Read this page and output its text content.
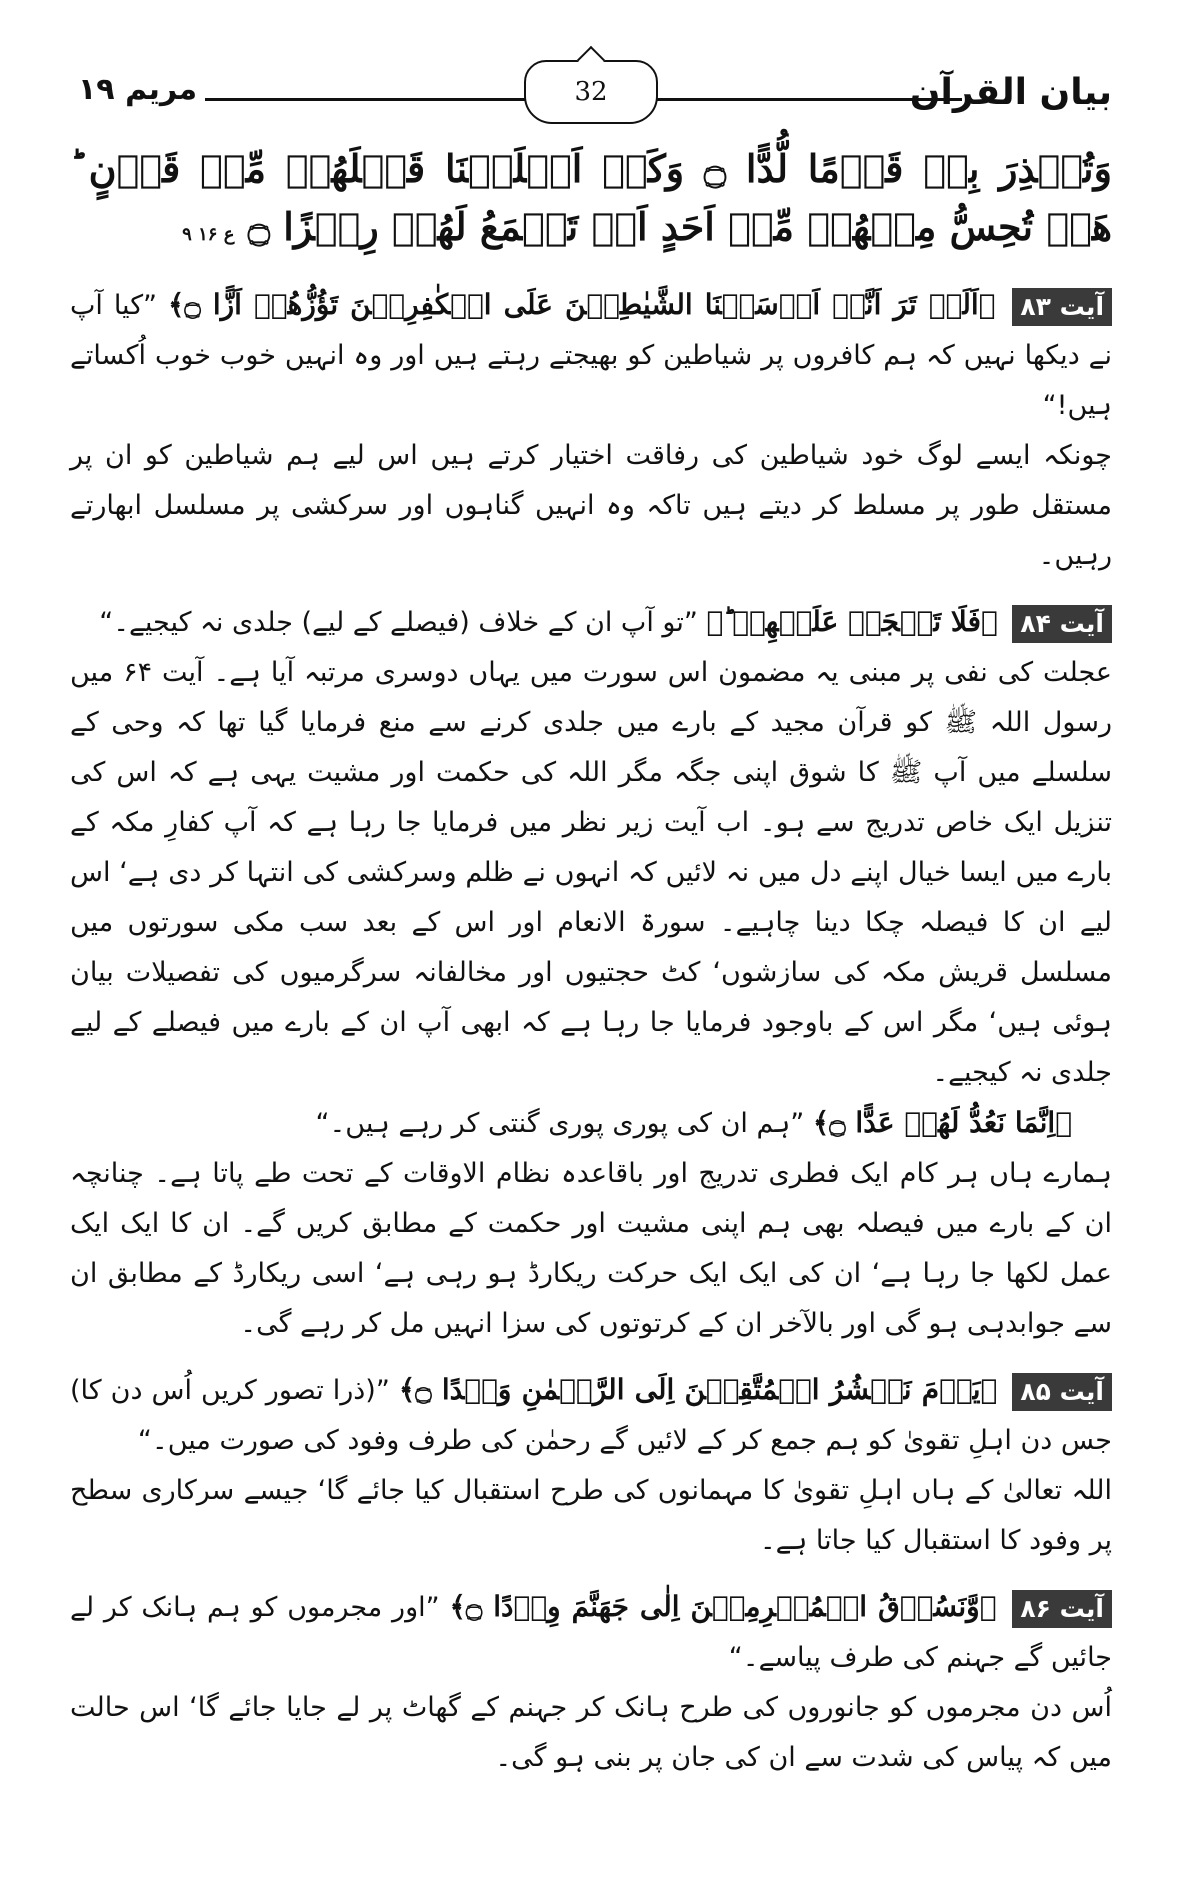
بیان القرآن
مریم ۱۹	32

وَتُنۡذِرَ بِهٖ قَوۡمًا لُّدًّا ۝ وَكَمۡ اَهۡلَكۡنَا قَبۡلَهُمۡ مِّنۡ قَرۡنٍ ؕ هَلۡ تُحِسُّ مِنۡهُمۡ مِّنۡ اَحَدٍ اَوۡ تَسۡمَعُ لَهُمۡ رِكۡزًا ۝ ع ۱۶ ۹

آیت ۸۳ ﴿اَلَمۡ تَرَ اَنَّاۤ اَرۡسَلۡنَا الشَّيٰطِيۡنَ عَلَى الۡكٰفِرِيۡنَ تَؤُزُّهُمۡ اَزًّا ۝﴾ ”کیا آپ نے دیکھا نہیں کہ ہم کافروں پر شیاطین کو بھیجتے رہتے ہیں اور وہ انہیں خوب خوب اُکساتے ہیں!“

چونکہ ایسے لوگ خود شیاطین کی رفاقت اختیار کرتے ہیں اس لیے ہم شیاطین کو ان پر مستقل طور پر مسلط کر دیتے ہیں تاکہ وہ انہیں گناہوں اور سرکشی پر مسلسل ابھارتے رہیں۔

آیت ۸۴ ﴿فَلَا تَعۡجَلۡ عَلَيۡهِمۡ ؕ﴾ ”تو آپ ان کے خلاف (فیصلے کے لیے) جلدی نہ کیجیے۔“

عجلت کی نفی پر مبنی یہ مضمون اس سورت میں یہاں دوسری مرتبہ آیا ہے۔ آیت ۶۴ میں رسول اللہ ﷺ کو قرآن مجید کے بارے میں جلدی کرنے سے منع فرمایا گیا تھا کہ وحی کے سلسلے میں آپ ﷺ کا شوق اپنی جگہ مگر اللہ کی حکمت اور مشیت یہی ہے کہ اس کی تنزیل ایک خاص تدریج سے ہو۔ اب آیت زیر نظر میں فرمایا جا رہا ہے کہ آپ کفارِ مکہ کے بارے میں ایسا خیال اپنے دل میں نہ لائیں کہ انہوں نے ظلم وسرکشی کی انتہا کر دی ہے‘ اس لیے ان کا فیصلہ چکا دینا چاہیے۔ سورۃ الانعام اور اس کے بعد سب مکی سورتوں میں مسلسل قریش مکہ کی سازشوں‘ کٹ حجتیوں اور مخالفانہ سرگرمیوں کی تفصیلات بیان ہوئی ہیں‘ مگر اس کے باوجود فرمایا جا رہا ہے کہ ابھی آپ ان کے بارے میں فیصلے کے لیے جلدی نہ کیجیے۔

﴿اِنَّمَا نَعُدُّ لَهُمۡ عَدًّا ۝﴾ ”ہم ان کی پوری پوری گنتی کر رہے ہیں۔“

ہمارے ہاں ہر کام ایک فطری تدریج اور باقاعدہ نظام الاوقات کے تحت طے پاتا ہے۔ چنانچہ ان کے بارے میں فیصلہ بھی ہم اپنی مشیت اور حکمت کے مطابق کریں گے۔ ان کا ایک ایک عمل لکھا جا رہا ہے‘ ان کی ایک ایک حرکت ریکارڈ ہو رہی ہے‘ اسی ریکارڈ کے مطابق ان سے جوابدہی ہو گی اور بالآخر ان کے کرتوتوں کی سزا انہیں مل کر رہے گی۔

آیت ۸۵ ﴿يَوۡمَ نَحۡشُرُ الۡمُتَّقِيۡنَ اِلَى الرَّحۡمٰنِ وَفۡدًا ۝﴾ ”(ذرا تصور کریں اُس دن کا) جس دن اہلِ تقویٰ کو ہم جمع کر کے لائیں گے رحمٰن کی طرف وفود کی صورت میں۔“

اللہ تعالیٰ کے ہاں اہلِ تقویٰ کا مہمانوں کی طرح استقبال کیا جائے گا‘ جیسے سرکاری سطح پر وفود کا استقبال کیا جاتا ہے۔

آیت ۸۶ ﴿وَّنَسُوۡقُ الۡمُجۡرِمِيۡنَ اِلٰى جَهَنَّمَ وِرۡدًا ۝﴾ ”اور مجرموں کو ہم ہانک کر لے جائیں گے جہنم کی طرف پیاسے۔“

اُس دن مجرموں کو جانوروں کی طرح ہانک کر جہنم کے گھاٹ پر لے جایا جائے گا‘ اس حالت میں کہ پیاس کی شدت سے ان کی جان پر بنی ہو گی۔
